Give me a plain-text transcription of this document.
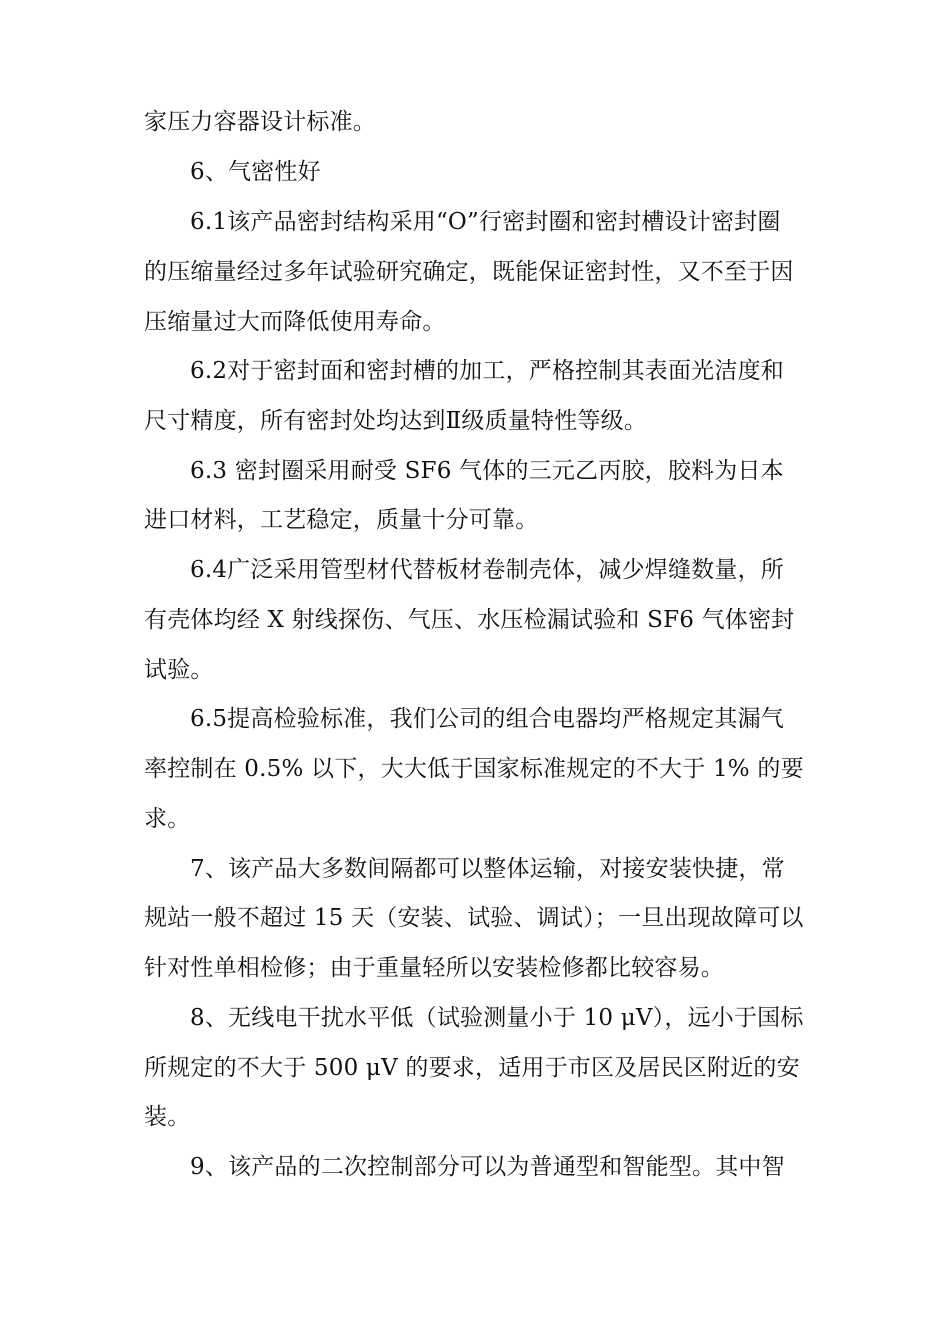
家压力容器设计标准。
6、气密性好
6.1该产品密封结构采用“O”行密封圈和密封槽设计密封圈
的压缩量经过多年试验研究确定，既能保证密封性，又不至于因
压缩量过大而降低使用寿命。
6.2对于密封面和密封槽的加工，严格控制其表面光洁度和
尺寸精度，所有密封处均达到Ⅱ级质量特性等级。
6.3 密封圈采用耐受 SF6 气体的三元乙丙胶，胶料为日本
进口材料，工艺稳定，质量十分可靠。
6.4广泛采用管型材代替板材卷制壳体，减少焊缝数量，所
有壳体均经 X 射线探伤、气压、水压检漏试验和 SF6 气体密封
试验。
6.5提高检验标准，我们公司的组合电器均严格规定其漏气
率控制在 0.5% 以下，大大低于国家标准规定的不大于 1% 的要
求。
7、该产品大多数间隔都可以整体运输，对接安装快捷，常
规站一般不超过 15 天（安装、试验、调试）；一旦出现故障可以
针对性单相检修；由于重量轻所以安装检修都比较容易。
8、无线电干扰水平低（试验测量小于 10 μV），远小于国标
所规定的不大于 500 μV 的要求，适用于市区及居民区附近的安
装。
9、该产品的二次控制部分可以为普通型和智能型。其中智
